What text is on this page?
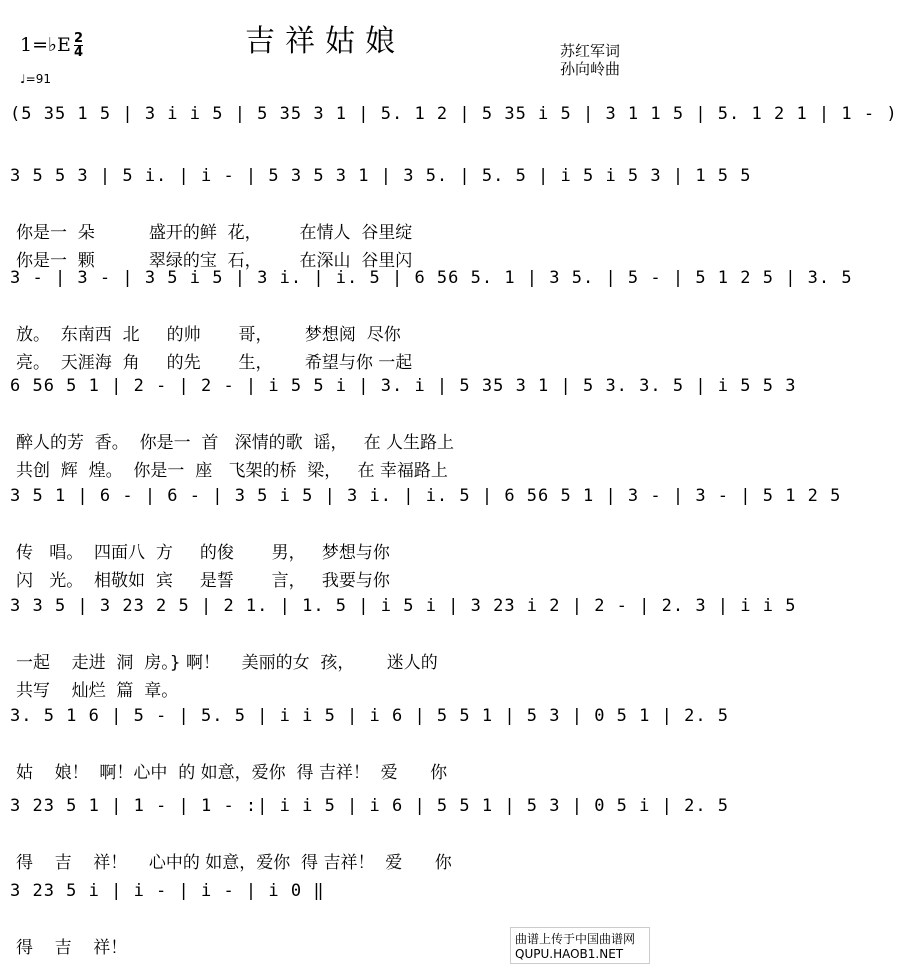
吉祥姑娘
1=♭E 2
4
♩=91
苏红军词
孙向岭曲
(5 35 1 5 | 3 i i 5 | 5 35 3 1 | 5. 1 2 | 5 35 i 5 | 3 1 1 5 | 5. 1 2 1 | 1 - )
3 5 5 3 | 5 i. | i - | 5 3 5 3 1 | 3 5. | 5. 5 | i 5 i 5 3 | 1 5 5
你是一  朵          盛开的鲜  花，       在情人  谷里绽
你是一  颗          翠绿的宝  石，       在深山  谷里闪
3 - | 3 - | 3 5 i 5 | 3 i. | i. 5 | 6 56 5. 1 | 3 5. | 5 - | 5 1 2 5 | 3. 5
放。  东南西  北     的帅       哥，      梦想阅  尽你
亮。  天涯海  角     的先       生，      希望与你 一起
6 56 5 1 | 2 - | 2 - | i 5 5 i | 3. i | 5 35 3 1 | 5 3. 3. 5 | i 5 5 3
醉人的芳  香。  你是一  首   深情的歌  谣，   在 人生路上
共创  辉  煌。  你是一  座   飞架的桥  梁，   在 幸福路上
3 5 1 | 6 - | 6 - | 3 5 i 5 | 3 i. | i. 5 | 6 56 5 1 | 3 - | 3 - | 5 1 2 5
传   唱。  四面八  方     的俊       男，   梦想与你
闪   光。  相敬如  宾     是誓       言，   我要与你
3 3 5 | 3 23 2 5 | 2 1. | 1. 5 | i 5 i | 3 23 i 2 | 2 - | 2. 3 | i i 5
一起    走进  洞  房。} 啊！    美丽的女  孩，      迷人的
共写    灿烂  篇  章。
3. 5 1 6 | 5 - | 5. 5 | i i 5 | i 6 | 5 5 1 | 5 3 | 0 5 1 | 2. 5
姑    娘！  啊！心中  的 如意，爱你  得 吉祥！  爱      你
3 23 5 1 | 1 - | 1 - :| i i 5 | i 6 | 5 5 1 | 5 3 | 0 5 i | 2. 5
得    吉    祥！    心中的 如意，爱你  得 吉祥！  爱      你
3 23 5 i | i - | i - | i 0 ‖
得    吉    祥！	曲谱上传于中国曲谱网 QUPU.HAOB1.NET
